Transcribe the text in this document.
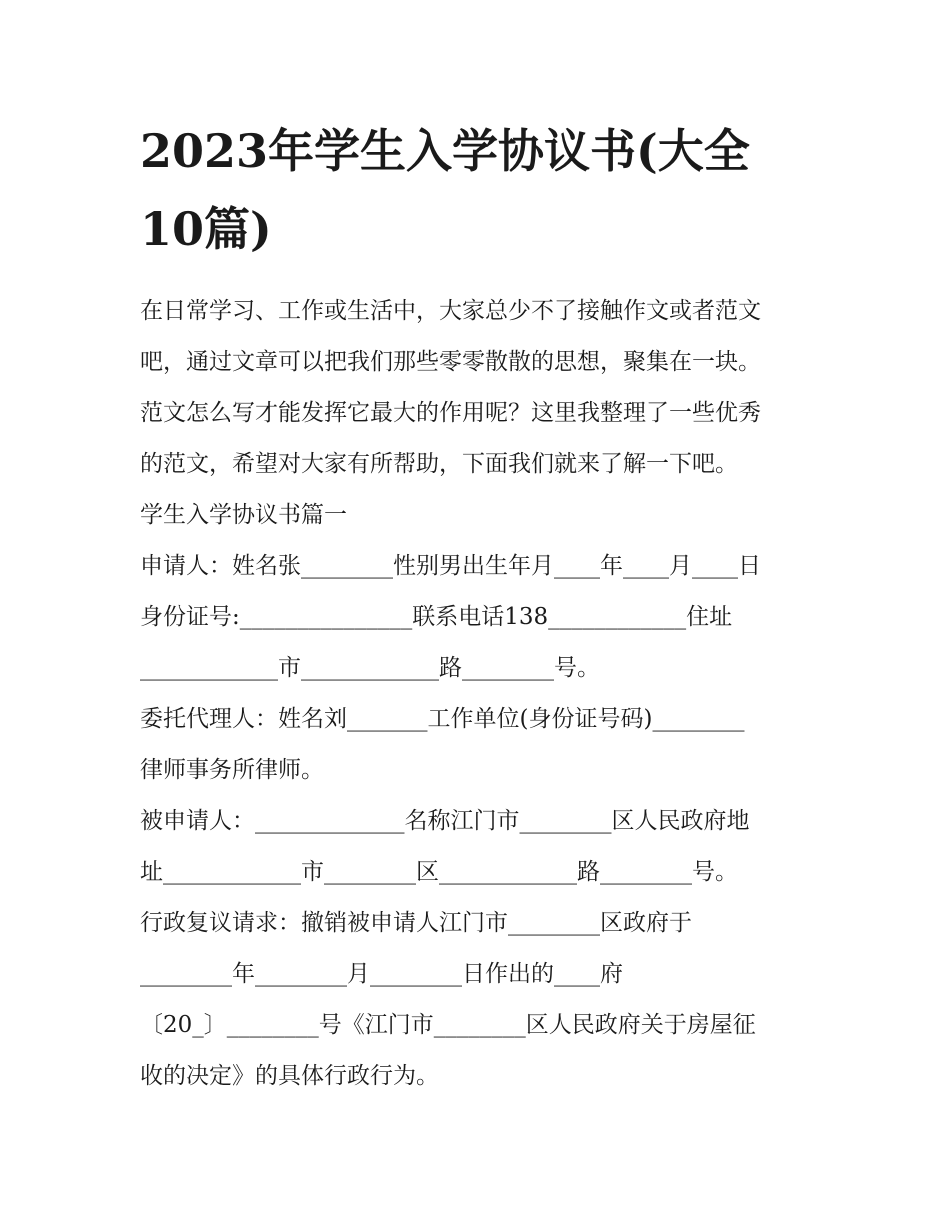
2023年学生入学协议书(大全
10篇)

在日常学习、工作或生活中，大家总少不了接触作文或者范文

吧，通过文章可以把我们那些零零散散的思想，聚集在一块。

范文怎么写才能发挥它最大的作用呢？这里我整理了一些优秀

的范文，希望对大家有所帮助，下面我们就来了解一下吧。

学生入学协议书篇一

申请人：姓名张________性别男出生年月____年____月____日

身份证号:_______________联系电话138____________住址

____________市____________路________号。

委托代理人：姓名刘_______工作单位(身份证号码)________

律师事务所律师。

被申请人：_____________名称江门市________区人民政府地

址____________市________区____________路________号。

行政复议请求：撤销被申请人江门市________区政府于

________年________月________日作出的____府

〔20_〕________号《江门市________区人民政府关于房屋征

收的决定》的具体行政行为。
